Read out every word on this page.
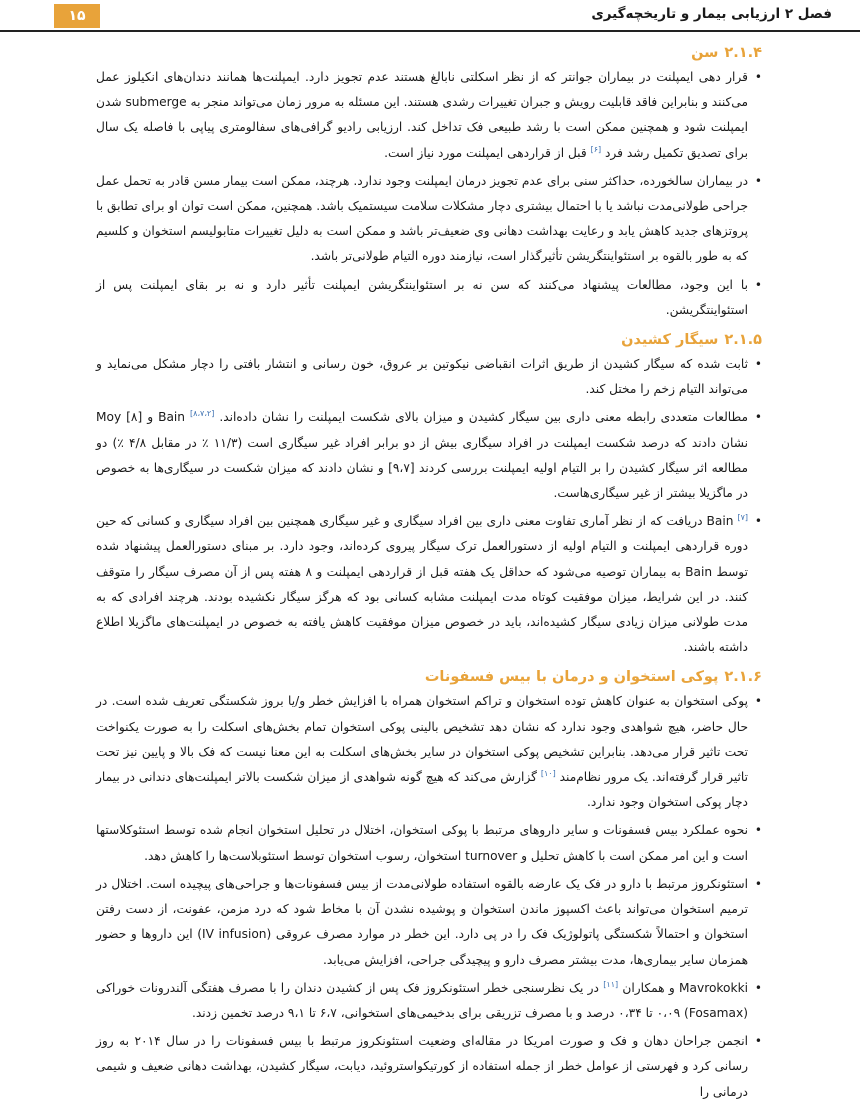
۱۵	فصل ۲ ارزیابی بیمار و تاریخچه‌گیری
۲.۱.۴سن
•
قرار دهی ایمپلنت در بیماران جوانتر که از نظر اسکلتی نابالغ هستند عدم تجویز دارد. ایمپلنت‌ها همانند دندان‌های انکیلوز عمل می‌کنند و بنابراین فاقد قابلیت رویش و جبران تغییرات رشدی هستند. این مسئله به مرور زمان می‌تواند منجر به submerge شدن ایمپلنت شود و همچنین ممکن است با رشد طبیعی فک تداخل کند. ارزیابی رادیو گرافی‌های سفالومتری پیاپی با فاصله یک سال برای تصدیق تکمیل رشد فرد [۶] قبل از قراردهی ایمپلنت مورد نیاز است.
•
در بیماران سالخورده، حداکثر سنی برای عدم تجویز درمان ایمپلنت وجود ندارد. هرچند، ممکن است بیمار مسن قادر به تحمل عمل جراحی طولانی‌مدت نباشد یا با احتمال بیشتری دچار مشکلات سلامت سیستمیک باشد. همچنین، ممکن است توان او برای تطابق با پروتزهای جدید کاهش یابد و رعایت بهداشت دهانی وی ضعیف‌تر باشد و ممکن است به دلیل تغییرات متابولیسم استخوان و کلسیم که به طور بالقوه بر استئواینتگریشن تأثیرگذار است، نیازمند دوره التیام طولانی‌تر باشد.
•
با این وجود، مطالعات پیشنهاد می‌کنند که سن نه بر استئواینتگریشن ایمپلنت تأثیر دارد و نه بر بقای ایمپلنت پس از استئواینتگریشن.
۲.۱.۵سیگار کشیدن
•
ثابت شده که سیگار کشیدن از طریق اثرات انقباضی نیکوتین بر عروق، خون رسانی و انتشار بافتی را دچار مشکل می‌نماید و می‌تواند التیام زخم را مختل کند.
•
مطالعات متعددی رابطه معنی داری بین سیگار کشیدن و میزان بالای شکست ایمپلنت را نشان داده‌اند. [۸،۷،۲] Bain و Moy [۸] نشان دادند که درصد شکست ایمپلنت در افراد سیگاری بیش از دو برابر افراد غیر سیگاری است (۱۱/۳ ٪ در مقابل ۴/۸ ٪) دو مطالعه اثر سیگار کشیدن را بر التیام اولیه ایمپلنت بررسی کردند [۹،۷] و نشان دادند که میزان شکست در سیگاری‌ها به خصوص در ماگزیلا بیشتر از غیر سیگاری‌هاست.
•
Bain [۷] دریافت که از نظر آماری تفاوت معنی داری بین افراد سیگاری و غیر سیگاری همچنین بین افراد سیگاری و کسانی که حین دوره قراردهی ایمپلنت و التیام اولیه از دستورالعمل ترک سیگار پیروی کرده‌اند، وجود دارد. بر مبنای دستورالعمل پیشنهاد شده توسط Bain به بیماران توصیه می‌شود که حداقل یک هفته قبل از قراردهی ایمپلنت و ۸ هفته پس از آن مصرف سیگار را متوقف کنند. در این شرایط، میزان موفقیت کوتاه مدت ایمپلنت مشابه کسانی بود که هرگز سیگار نکشیده بودند. هرچند افرادی که به مدت طولانی میزان زیادی سیگار کشیده‌اند، باید در خصوص میزان موفقیت کاهش یافته به خصوص در ایمپلنت‌های ماگزیلا اطلاع داشته باشند.
۲.۱.۶پوکی استخوان و درمان با بیس فسفونات
•
پوکی استخوان به عنوان کاهش توده استخوان و تراکم استخوان همراه با افزایش خطر و/یا بروز شکستگی تعریف شده است. در حال حاضر، هیچ شواهدی وجود ندارد که نشان دهد تشخیص بالینی پوکی استخوان تمام بخش‌های اسکلت را به صورت یکنواخت تحت تاثیر قرار می‌دهد. بنابراین تشخیص پوکی استخوان در سایر بخش‌های اسکلت به این معنا نیست که فک بالا و پایین نیز تحت تاثیر قرار گرفته‌اند. یک مرور نظام‌مند [۱۰] گزارش می‌کند که هیچ گونه شواهدی از میزان شکست بالاتر ایمپلنت‌های دندانی در بیمار دچار پوکی استخوان وجود ندارد.
•
نحوه عملکرد بیس فسفونات و سایر داروهای مرتبط با پوکی استخوان، اختلال در تحلیل استخوان انجام شده توسط استئوکلاستها است و این امر ممکن است با کاهش تحلیل و turnover استخوان، رسوب استخوان توسط استئوبلاست‌ها را کاهش دهد.
•
استئونکروز مرتبط با دارو در فک یک عارضه بالقوه استفاده طولانی‌مدت از بیس فسفونات‌ها و جراحی‌های پیچیده است. اختلال در ترمیم استخوان می‌تواند باعث اکسپوز ماندن استخوان و پوشیده نشدن آن با مخاط شود که درد مزمن، عفونت، از دست رفتن استخوان و احتمالاً شکستگی پاتولوژیک فک را در پی دارد. این خطر در موارد مصرف عروقی (IV infusion) این داروها و حضور همزمان سایر بیماری‌ها، مدت بیشتر مصرف دارو و پیچیدگی جراحی، افزایش می‌یابد.
•
Mavrokokki و همکاران [۱۱] در یک نظرسنجی خطر استئونکروز فک پس از کشیدن دندان را با مصرف هفتگی آلندرونات خوراکی (Fosamax) ۰،۰۹ تا ۰،۳۴ درصد و با مصرف تزریقی برای بدخیمی‌های استخوانی، ۶،۷ تا ۹،۱ درصد تخمین زدند.
•
انجمن جراحان دهان و فک و صورت امریکا در مقاله‌ای وضعیت استئونکروز مرتبط با بیس فسفونات را در سال ۲۰۱۴ به روز رسانی کرد و فهرستی از عوامل خطر از جمله استفاده از کورتیکواستروئید، دیابت، سیگار کشیدن، بهداشت دهانی ضعیف و شیمی درمانی را
